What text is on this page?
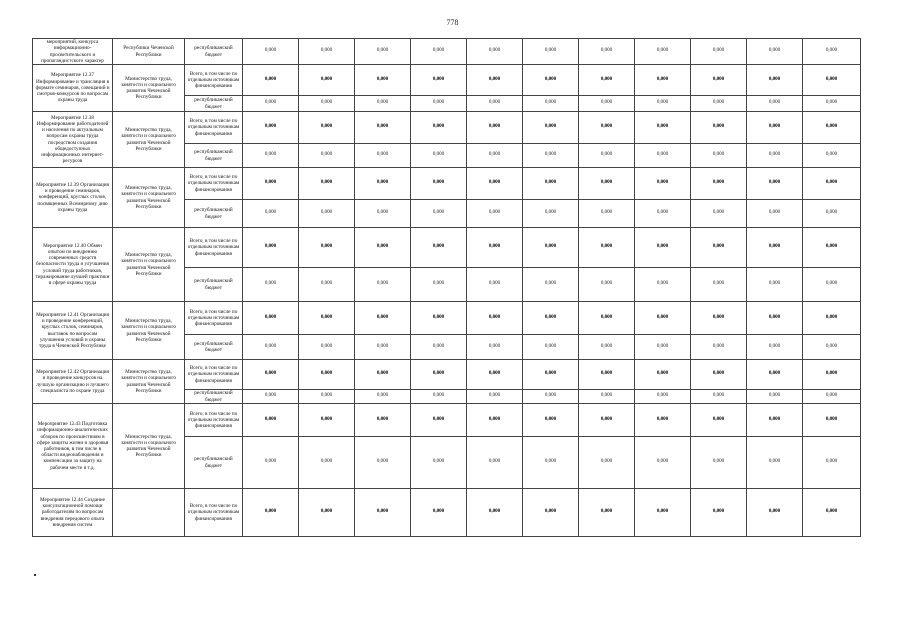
778
мероприятий, конкурса информационно-просветительского и пропагандистского характер	Республики Чеченской Республики	республиканский бюджет	0,000	0,000	0,000	0,000	0,000	0,000	0,000	0,000	0,000	0,000	0,000
Мероприятие 12.37 Информирование и трансляция в формате семинаров, совещаний и смотров-конкурсов по вопросам охраны труда	Министерство труда, занятости и социального развития Чеченской Республики	Всего, в том числе по отдельным источникам финансирования	0,000	0,000	0,000	0,000	0,000	0,000	0,000	0,000	0,000	0,000	0,000
		республиканский бюджет	0,000	0,000	0,000	0,000	0,000	0,000	0,000	0,000	0,000	0,000	0,000
Мероприятие 12.38 Информирование работодателей и населения по актуальным вопросам охраны труда посредством создания общедоступных информационных интернет-ресурсов	Министерство труда, занятости и социального развития Чеченской Республики	Всего, в том числе по отдельным источникам финансирования	0,000	0,000	0,000	0,000	0,000	0,000	0,000	0,000	0,000	0,000	0,000
		республиканский бюджет	0,000	0,000	0,000	0,000	0,000	0,000	0,000	0,000	0,000	0,000	0,000
Мероприятие 12.39 Организация и проведение семинаров, конференций, круглых столов, посвященных Всемирному дню охраны труда	Министерство труда, занятости и социального развития Чеченской Республики	Всего, в том числе по отдельным источникам финансирования	0,000	0,000	0,000	0,000	0,000	0,000	0,000	0,000	0,000	0,000	0,000
		республиканский бюджет	0,000	0,000	0,000	0,000	0,000	0,000	0,000	0,000	0,000	0,000	0,000
Мероприятие 12.40 Обмен опытом по внедрению современных средств безопасности труда и улучшения условий труда работников, тиражирование лучшей практики в сфере охраны труда	Министерство труда, занятости и социального развития Чеченской Республики	Всего, в том числе по отдельным источникам финансирования	0,000	0,000	0,000	0,000	0,000	0,000	0,000	0,000	0,000	0,000	0,000
		республиканский бюджет	0,000	0,000	0,000	0,000	0,000	0,000	0,000	0,000	0,000	0,000	0,000
Мероприятие 12.41 Организация и проведение конференций, круглых столов, семинаров, выставок по вопросам улучшения условий и охраны труда в Чеченской Республике	Министерство труда, занятости и социального развития Чеченской Республики	Всего, в том числе по отдельным источникам финансирования	0,000	0,000	0,000	0,000	0,000	0,000	0,000	0,000	0,000	0,000	0,000
		республиканский бюджет	0,000	0,000	0,000	0,000	0,000	0,000	0,000	0,000	0,000	0,000	0,000
Мероприятие 12.42 Организация и проведение конкурсов на лучшую организацию и лучшего специалиста по охране труда	Министерство труда, занятости и социального развития Чеченской Республики	Всего, в том числе по отдельным источникам финансирования	0,000	0,000	0,000	0,000	0,000	0,000	0,000	0,000	0,000	0,000	0,000
		республиканский бюджет	0,000	0,000	0,000	0,000	0,000	0,000	0,000	0,000	0,000	0,000	0,000
Мероприятие 12.43 Подготовка информационно-аналитических обзоров по происшествиям в сфере защиты жизни и здоровья работников, в том числе в области видеонаблюдения и компенсации за защиту на рабочем месте и т.д.	Министерство труда, занятости и социального развития Чеченской Республики	Всего, в том числе по отдельным источникам финансирования	0,000	0,000	0,000	0,000	0,000	0,000	0,000	0,000	0,000	0,000	0,000
		республиканский бюджет	0,000	0,000	0,000	0,000	0,000	0,000	0,000	0,000	0,000	0,000	0,000
Мероприятие 12.44 Создание консультационной помощи работодателям по вопросам внедрения передового опыта внедрения систем		Всего, в том числе по отдельным источникам финансирования	0,000	0,000	0,000	0,000	0,000	0,000	0,000	0,000	0,000	0,000	0,000
